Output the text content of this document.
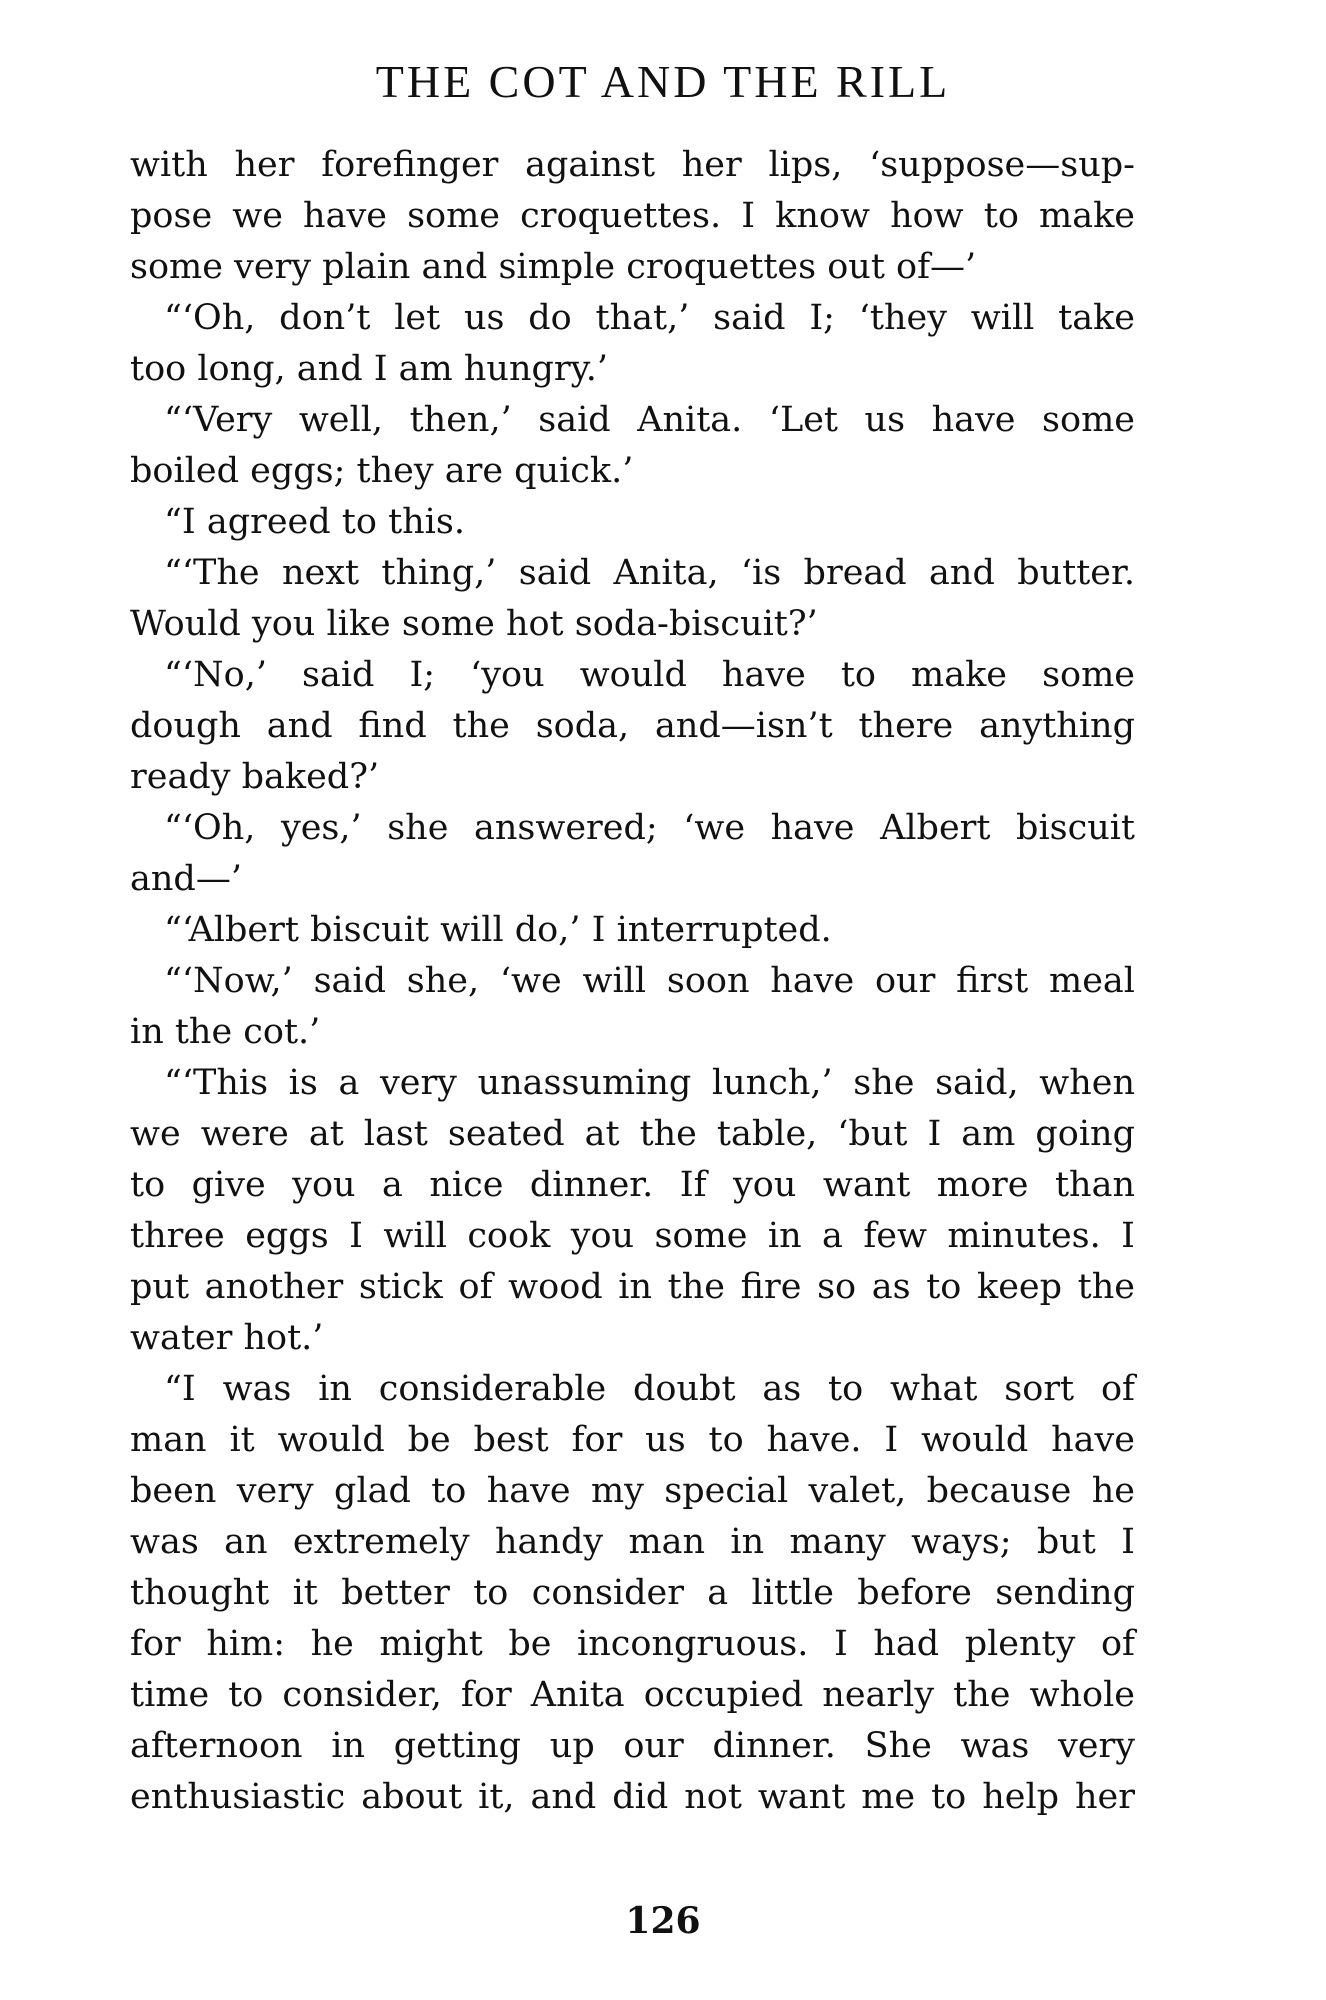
THE COT AND THE RILL
with her forefinger against her lips, ‘suppose—sup-
pose we have some croquettes. I know how to make
some very plain and simple croquettes out of—’
“‘Oh, don’t let us do that,’ said I; ‘they will take
too long, and I am hungry.’
“‘Very well, then,’ said Anita. ‘Let us have some
boiled eggs; they are quick.’
“I agreed to this.
“‘The next thing,’ said Anita, ‘is bread and butter.
Would you like some hot soda-biscuit?’
“‘No,’ said I; ‘you would have to make some
dough and find the soda, and—isn’t there anything
ready baked?’
“‘Oh, yes,’ she answered; ‘we have Albert biscuit
and—’
“‘Albert biscuit will do,’ I interrupted.
“‘Now,’ said she, ‘we will soon have our first meal
in the cot.’
“‘This is a very unassuming lunch,’ she said, when
we were at last seated at the table, ‘but I am going
to give you a nice dinner. If you want more than
three eggs I will cook you some in a few minutes. I
put another stick of wood in the fire so as to keep the
water hot.’
“I was in considerable doubt as to what sort of
man it would be best for us to have. I would have
been very glad to have my special valet, because he
was an extremely handy man in many ways; but I
thought it better to consider a little before sending
for him: he might be incongruous. I had plenty of
time to consider, for Anita occupied nearly the whole
afternoon in getting up our dinner. She was very
enthusiastic about it, and did not want me to help her
126
